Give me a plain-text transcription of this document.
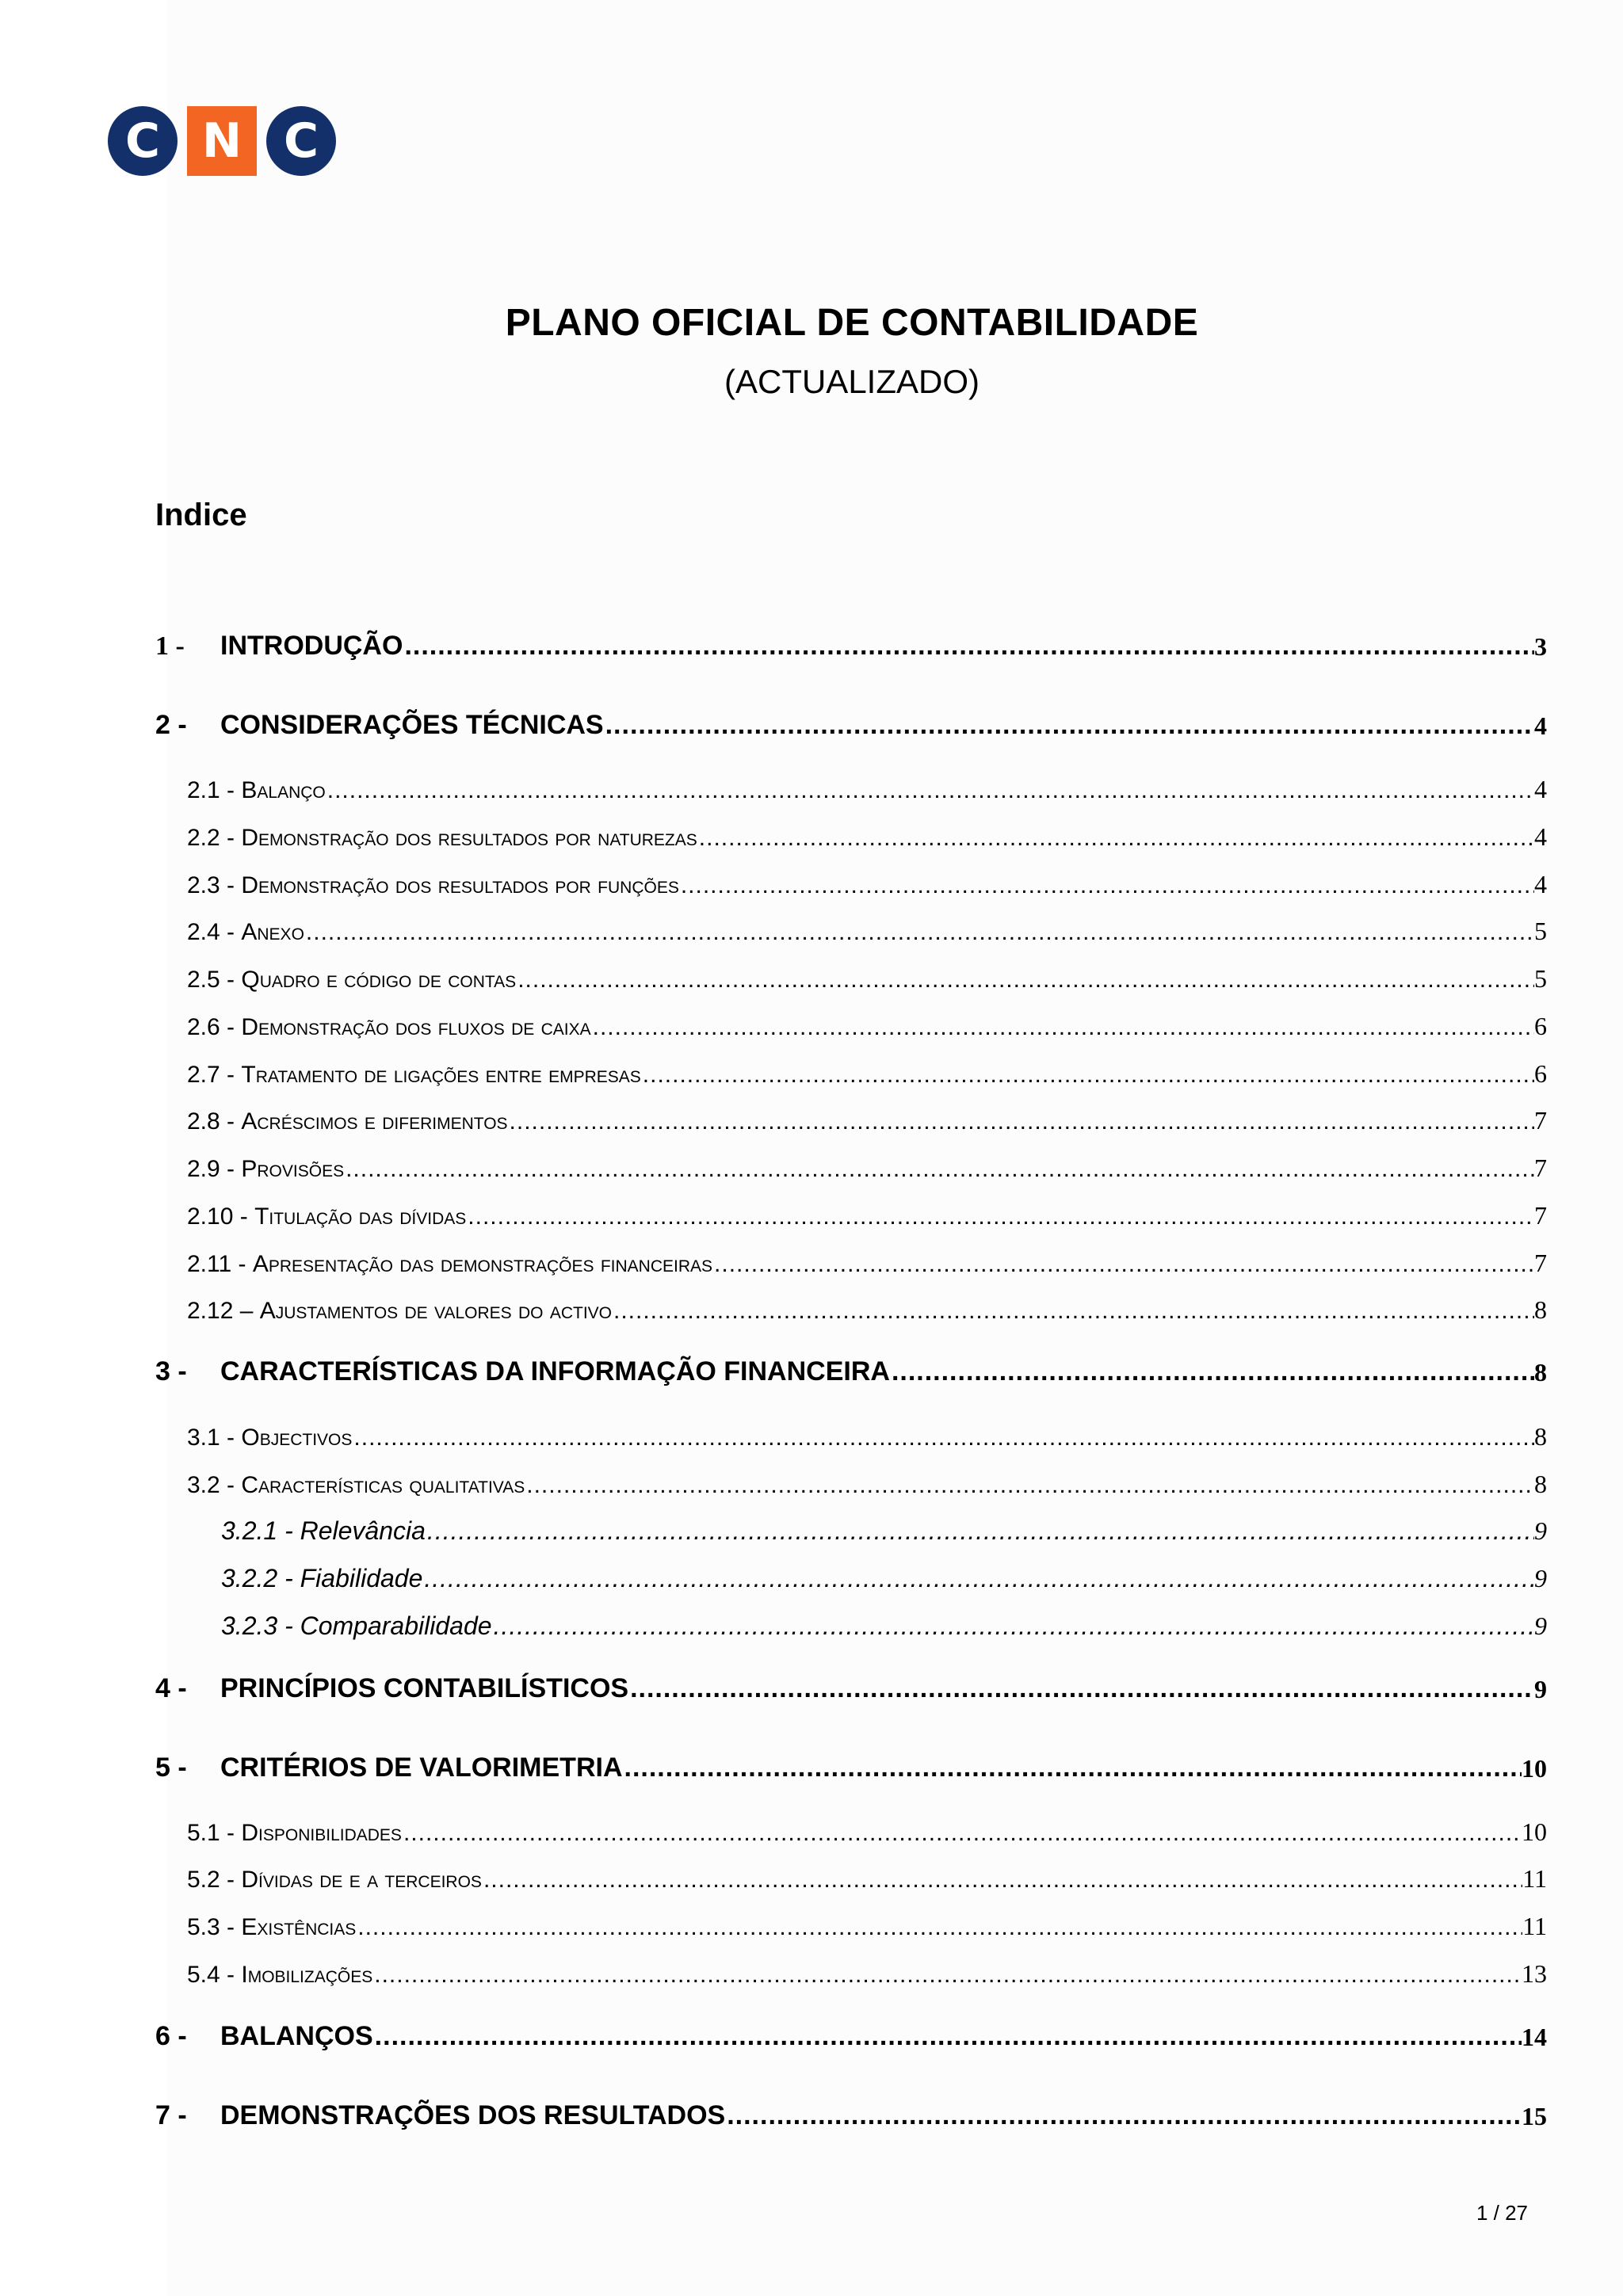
C N C
PLANO OFICIAL DE CONTABILIDADE
(ACTUALIZADO)
Indice
1 -	INTRODUÇÃO .....	3
2 -	CONSIDERAÇÕES TÉCNICAS .....	4
2.1 - Balanço .....	4
2.2 - Demonstração dos resultados por naturezas .....	4
2.3 - Demonstração dos resultados por funções .....	4
2.4 - Anexo .....	5
2.5 - Quadro e código de contas .....	5
2.6 - Demonstração dos fluxos de caixa .....	6
2.7 - Tratamento de ligações entre empresas .....	6
2.8 - Acréscimos e diferimentos .....	7
2.9 - Provisões .....	7
2.10 - Titulação das dívidas .....	7
2.11 - Apresentação das demonstrações financeiras .....	7
2.12 – Ajustamentos de valores do activo .....	8
3 -	CARACTERÍSTICAS DA INFORMAÇÃO FINANCEIRA .....	8
3.1 - Objectivos .....	8
3.2 - Características qualitativas .....	8
3.2.1 - Relevância .....	9
3.2.2 - Fiabilidade .....	9
3.2.3 - Comparabilidade .....	9
4 -	PRINCÍPIOS CONTABILÍSTICOS .....	9
5 -	CRITÉRIOS DE VALORIMETRIA .....	10
5.1 - Disponibilidades .....	10
5.2 - Dívidas de e a terceiros .....	11
5.3 - Existências .....	11
5.4 - Imobilizações .....	13
6 -	BALANÇOS .....	14
7 -	DEMONSTRAÇÕES DOS RESULTADOS .....	15
1 / 27
